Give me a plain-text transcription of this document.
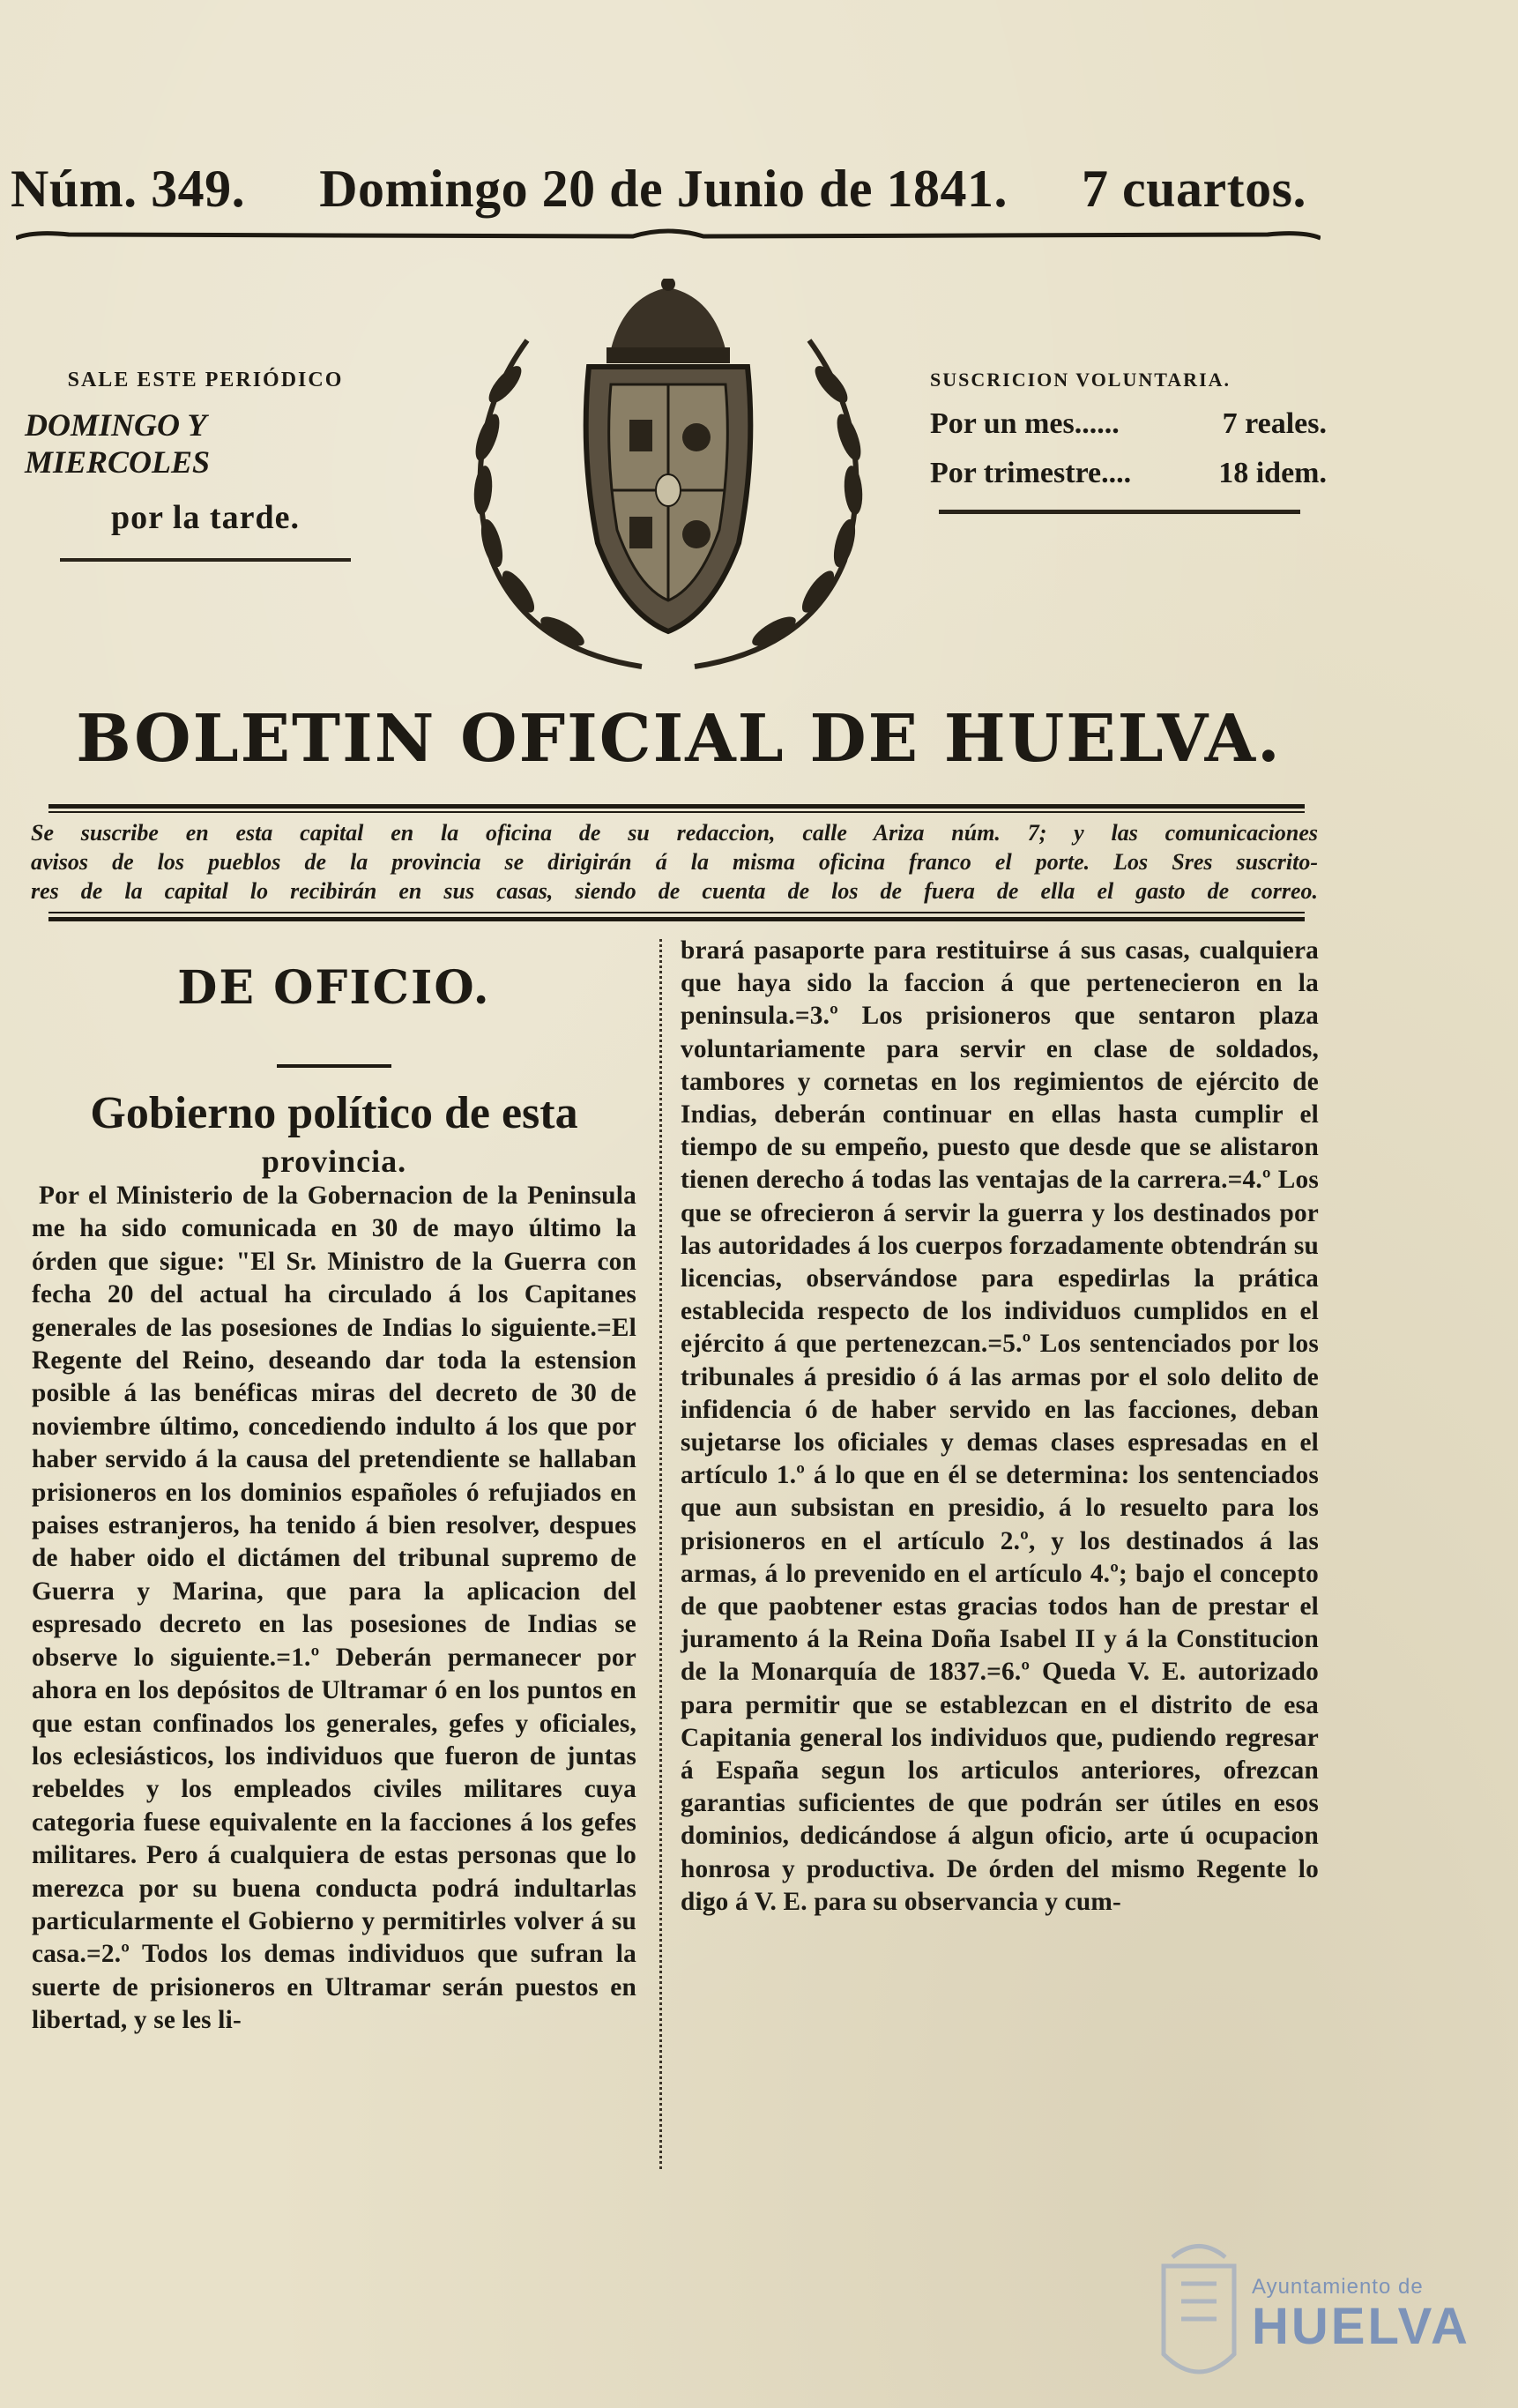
Núm. 349. Domingo 20 de Junio de 1841. 7 cuartos.
SALE ESTE PERIÓDICO
DOMINGO Y MIERCOLES
por la tarde.
SUSCRICION VOLUNTARIA.
Por un mes......	7 reales.
Por trimestre....	18 idem.
BOLETIN OFICIAL DE HUELVA.

Se suscribe en esta capital en la oficina de su redaccion, calle Ariza núm. 7; y las comunicaciones

avisos de los pueblos de la provincia se dirigirán á la misma oficina franco el porte. Los Sres suscrito-

res de la capital lo recibirán en sus casas, siendo de cuenta de los de fuera de ella el gasto de correo.

DE OFICIO.
Gobierno político de esta
provincia.

Por el Ministerio de la Gobernacion de la Peninsula me ha sido comunicada en 30 de mayo último la órden que sigue: "El Sr. Ministro de la Guerra con fecha 20 del actual ha circulado á los Capitanes generales de las posesiones de Indias lo siguiente.=El Regente del Reino, deseando dar toda la estension posible á las benéficas miras del decreto de 30 de noviembre último, concediendo indulto á los que por haber servido á la causa del pretendiente se hallaban prisioneros en los dominios españoles ó refujiados en paises estranjeros, ha tenido á bien resolver, despues de haber oido el dictámen del tribunal supremo de Guerra y Marina, que para la aplicacion del espresado decreto en las posesiones de Indias se observe lo siguiente.=1.º Deberán permanecer por ahora en los depósitos de Ultramar ó en los puntos en que estan confinados los generales, gefes y oficiales, los eclesiásticos, los individuos que fueron de juntas rebeldes y los empleados civiles militares cuya categoria fuese equivalente en la facciones á los gefes militares. Pero á cualquiera de estas personas que lo merezca por su buena conducta podrá indultarlas particularmente el Gobierno y permitirles volver á su casa.=2.º Todos los demas individuos que sufran la suerte de prisioneros en Ultramar serán puestos en libertad, y se les li-

brará pasaporte para restituirse á sus casas, cualquiera que haya sido la faccion á que pertenecieron en la peninsula.=3.º Los prisioneros que sentaron plaza voluntariamente para servir en clase de soldados, tambores y cornetas en los regimientos de ejército de Indias, deberán continuar en ellas hasta cumplir el tiempo de su empeño, puesto que desde que se alistaron tienen derecho á todas las ventajas de la carrera.=4.º Los que se ofrecieron á servir la guerra y los destinados por las autoridades á los cuerpos forzadamente obtendrán su licencias, observándose para espedirlas la prática establecida respecto de los individuos cumplidos en el ejército á que pertenezcan.=5.º Los sentenciados por los tribunales á presidio ó á las armas por el solo delito de infidencia ó de haber servido en las facciones, deban sujetarse los oficiales y demas clases espresadas en el artículo 1.º á lo que en él se determina: los sentenciados que aun subsistan en presidio, á lo resuelto para los prisioneros en el artículo 2.º, y los destinados á las armas, á lo prevenido en el artículo 4.º; bajo el concepto de que paobtener estas gracias todos han de prestar el juramento á la Reina Doña Isabel II y á la Constitucion de la Monarquía de 1837.=6.º Queda V. E. autorizado para permitir que se establezcan en el distrito de esa Capitania general los individuos que, pudiendo regresar á España segun los articulos anteriores, ofrezcan garantias suficientes de que podrán ser útiles en esos dominios, dedicándose á algun oficio, arte ú ocupacion honrosa y productiva. De órden del mismo Regente lo digo á V. E. para su observancia y cum-

Ayuntamiento de
HUELVA
